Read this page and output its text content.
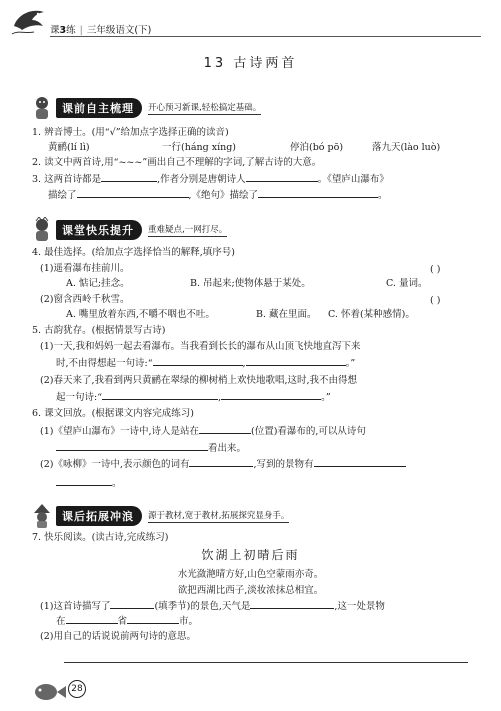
课3练 | 三年级语文(下)
13 古诗两首
课前自主梳理	开心预习新课,轻松搞定基础。
1. 辨音博士。(用“√”给加点字选择正确的读音)
黄鹂(lí lì)	一行(háng xíng)	停泊(bó pō)	落九天(lào luò)
2. 读文中两首诗,用“~~~”画出自己不理解的字词,了解古诗的大意。
3. 这两首诗都是	,作者分别是唐朝诗人	。《望庐山瀑布》
描绘了	,《绝句》描绘了	。
课堂快乐提升	重难疑点,一网打尽。
4. 最佳选择。(给加点字选择恰当的解释,填序号)
(1)遥看瀑布挂前川。	( )
A. 惦记;挂念。	B. 吊起来;使物体悬于某处。	C. 量词。
(2)窗含西岭千秋雪。	( )
A. 嘴里放着东西,不嚼不咽也不吐。	B. 藏在里面。 C. 怀着(某种感情)。
5. 古韵犹存。(根据情景写古诗)
(1)一天,我和妈妈一起去看瀑布。当我看到长长的瀑布从山顶飞快地直泻下来
时,不由得想起一句诗:“	,	。”
(2)春天来了,我看到两只黄鹂在翠绿的柳树梢上欢快地歌唱,这时,我不由得想
起一句诗:“	,	。”
6. 课文回放。(根据课文内容完成练习)
(1)《望庐山瀑布》一诗中,诗人是站在	(位置)看瀑布的,可以从诗句
看出来。
(2)《咏柳》一诗中,表示颜色的词有	,写到的景物有
。
课后拓展冲浪	源于教材,宽于教材,拓展探究显身手。
7. 快乐阅读。(读古诗,完成练习)
饮湖上初晴后雨
水光潋滟晴方好,山色空蒙雨亦奇。
欲把西湖比西子,淡妆浓抹总相宜。
(1)这首诗描写了	(填季节)的景色,天气是	,这一处景物
在	省	市。
(2)用自己的话说说前两句诗的意思。
28
